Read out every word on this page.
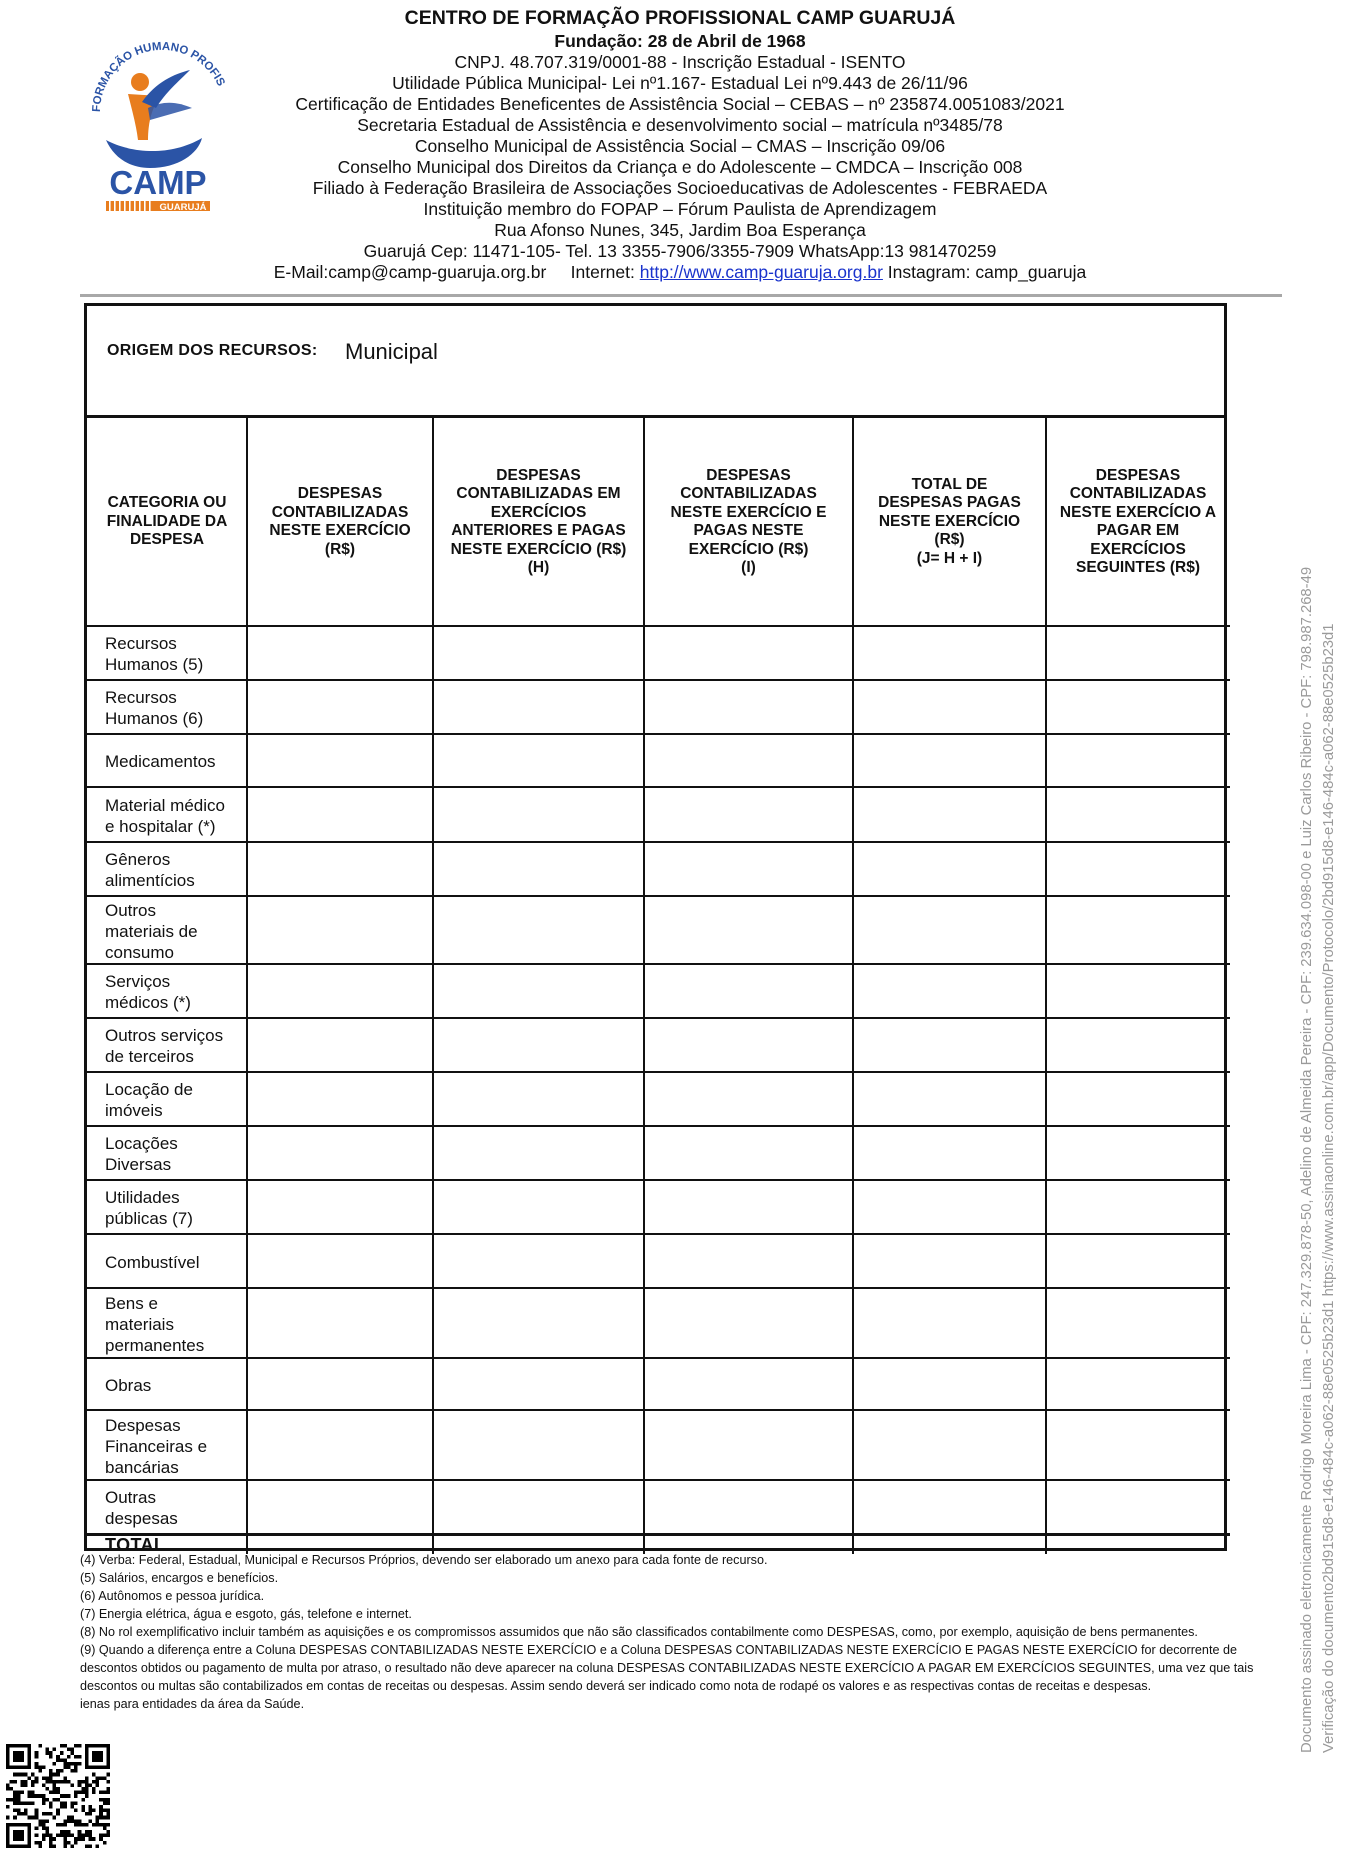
FORMAÇÃO HUMANO PROFIS
CAMP
GUARUJÁ
CENTRO DE FORMAÇÃO PROFISSIONAL CAMP GUARUJÁ
Fundação: 28 de Abril de 1968
CNPJ. 48.707.319/0001-88 - Inscrição Estadual - ISENTO
Utilidade Pública Municipal- Lei nº1.167- Estadual Lei nº9.443 de 26/11/96
Certificação de Entidades Beneficentes de Assistência Social – CEBAS – nº 235874.0051083/2021
Secretaria Estadual de Assistência e desenvolvimento social – matrícula nº3485/78
Conselho Municipal de Assistência Social – CMAS – Inscrição 09/06
Conselho Municipal dos Direitos da Criança e do Adolescente – CMDCA – Inscrição 008
Filiado à Federação Brasileira de Associações Socioeducativas de Adolescentes - FEBRAEDA
Instituição membro do FOPAP – Fórum Paulista de Aprendizagem
Rua Afonso Nunes, 345, Jardim Boa Esperança
Guarujá Cep: 11471-105- Tel. 13 3355-7906/3355-7909 WhatsApp:13 981470259
E-Mail:camp@camp-guaruja.org.br Internet: http://www.camp-guaruja.org.br Instagram: camp_guaruja
ORIGEM DOS RECURSOS: Municipal
CATEGORIA OU
FINALIDADE DA
DESPESA
DESPESAS
CONTABILIZADAS
NESTE EXERCÍCIO
(R$)
DESPESAS
CONTABILIZADAS EM
EXERCÍCIOS
ANTERIORES E PAGAS
NESTE EXERCÍCIO (R$)
(H)
DESPESAS
CONTABILIZADAS
NESTE EXERCÍCIO E
PAGAS NESTE
EXERCÍCIO (R$)
(I)
TOTAL DE
DESPESAS PAGAS
NESTE EXERCÍCIO
(R$)
(J= H + I)
DESPESAS
CONTABILIZADAS
NESTE EXERCÍCIO A
PAGAR EM
EXERCÍCIOS
SEGUINTES (R$)
Recursos
Humanos (5)
Recursos
Humanos (6)
Medicamentos
Material médico
e hospitalar (*)
Gêneros
alimentícios
Outros
materiais de
consumo
Serviços
médicos (*)
Outros serviços
de terceiros
Locação de
imóveis
Locações
Diversas
Utilidades
públicas (7)
Combustível
Bens e
materiais
permanentes
Obras
Despesas
Financeiras e
bancárias
Outras
despesas
TOTAL

(4) Verba: Federal, Estadual, Municipal e Recursos Próprios, devendo ser elaborado um anexo para cada fonte de recurso.

(5) Salários, encargos e benefícios.

(6) Autônomos e pessoa jurídica.

(7) Energia elétrica, água e esgoto, gás, telefone e internet.

(8) No rol exemplificativo incluir também as aquisições e os compromissos assumidos que não são classificados contabilmente como DESPESAS, como, por exemplo, aquisição de bens permanentes.

(9) Quando a diferença entre a Coluna DESPESAS CONTABILIZADAS NESTE EXERCÍCIO e a Coluna DESPESAS CONTABILIZADAS NESTE EXERCÍCIO E PAGAS NESTE EXERCÍCIO for decorrente de descontos obtidos ou pagamento de multa por atraso, o resultado não deve aparecer na coluna DESPESAS CONTABILIZADAS NESTE EXERCÍCIO A PAGAR EM EXERCÍCIOS SEGUINTES, uma vez que tais descontos ou multas são contabilizados em contas de receitas ou despesas. Assim sendo deverá ser indicado como nota de rodapé os valores e as respectivas contas de receitas e despesas.

ienas para entidades da área da Saúde.	Documento assinado eletronicamente Rodrigo Moreira Lima - CPF: 247.329.878-50, Adelino de Almeida Pereira - CPF: 239.634.098-00 e Luiz Carlos Ribeiro - CPF: 798.987.268-49 Verificação do documento2bd915d8-e146-484c-a062-88e0525b23d1 https://www.assinaonline.com.br/app/Documento/Protocolo/2bd915d8-e146-484c-a062-88e0525b23d1
